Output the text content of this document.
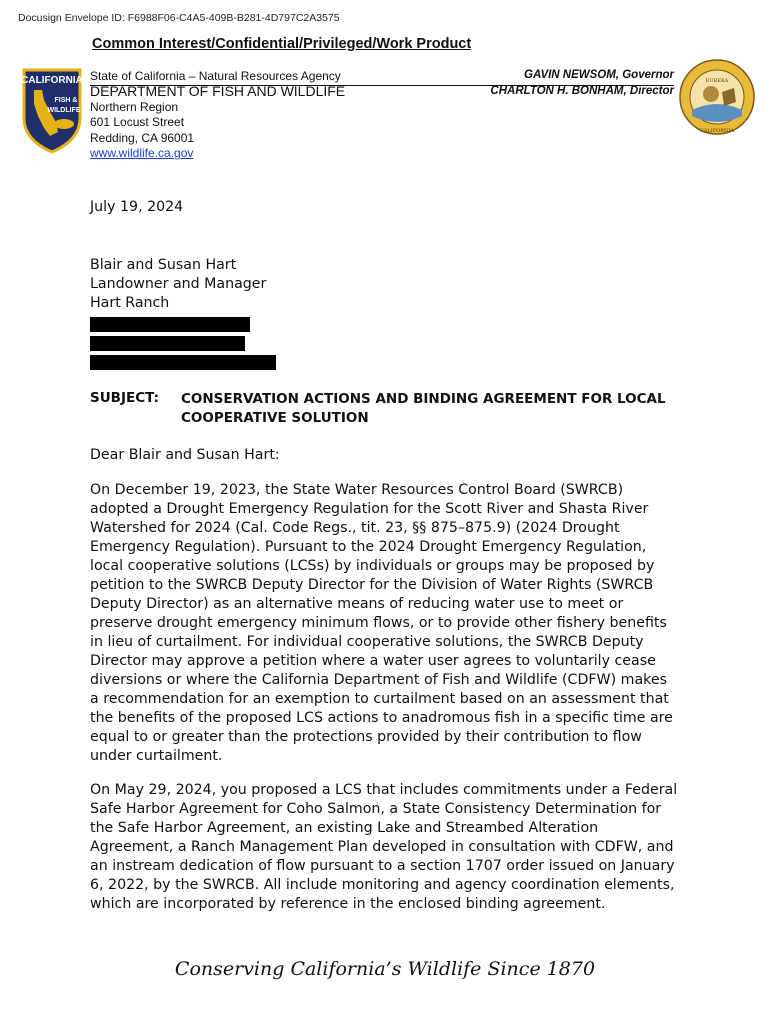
Docusign Envelope ID: F6988F06-C4A5-409B-B281-4D797C2A3575
Common Interest/Confidential/Privileged/Work Product
CALIFORNIA
FISH &
WILDLIFE
EUREKA
CALIFORNIA
State of California – Natural Resources Agency	GAVIN NEWSOM, Governor
CHARLTON H. BONHAM, Director
DEPARTMENT OF FISH AND WILDLIFE
Northern Region
601 Locust Street
Redding, CA 96001
www.wildlife.ca.gov
July 19, 2024
Blair and Susan Hart
Landowner and Manager
Hart Ranch
SUBJECT: CONSERVATION ACTIONS AND BINDING AGREEMENT FOR LOCAL COOPERATIVE SOLUTION
Dear Blair and Susan Hart:
On December 19, 2023, the State Water Resources Control Board (SWRCB) adopted a Drought Emergency Regulation for the Scott River and Shasta River Watershed for 2024 (Cal. Code Regs., tit. 23, §§ 875–875.9) (2024 Drought Emergency Regulation). Pursuant to the 2024 Drought Emergency Regulation, local cooperative solutions (LCSs) by individuals or groups may be proposed by petition to the SWRCB Deputy Director for the Division of Water Rights (SWRCB Deputy Director) as an alternative means of reducing water use to meet or preserve drought emergency minimum flows, or to provide other fishery benefits in lieu of curtailment. For individual cooperative solutions, the SWRCB Deputy Director may approve a petition where a water user agrees to voluntarily cease diversions or where the California Department of Fish and Wildlife (CDFW) makes a recommendation for an exemption to curtailment based on an assessment that the benefits of the proposed LCS actions to anadromous fish in a specific time are equal to or greater than the protections provided by their contribution to flow under curtailment.
On May 29, 2024, you proposed a LCS that includes commitments under a Federal Safe Harbor Agreement for Coho Salmon, a State Consistency Determination for the Safe Harbor Agreement, an existing Lake and Streambed Alteration Agreement, a Ranch Management Plan developed in consultation with CDFW, and an instream dedication of flow pursuant to a section 1707 order issued on January 6, 2022, by the SWRCB. All include monitoring and agency coordination elements, which are incorporated by reference in the enclosed binding agreement.
Conserving California’s Wildlife Since 1870
